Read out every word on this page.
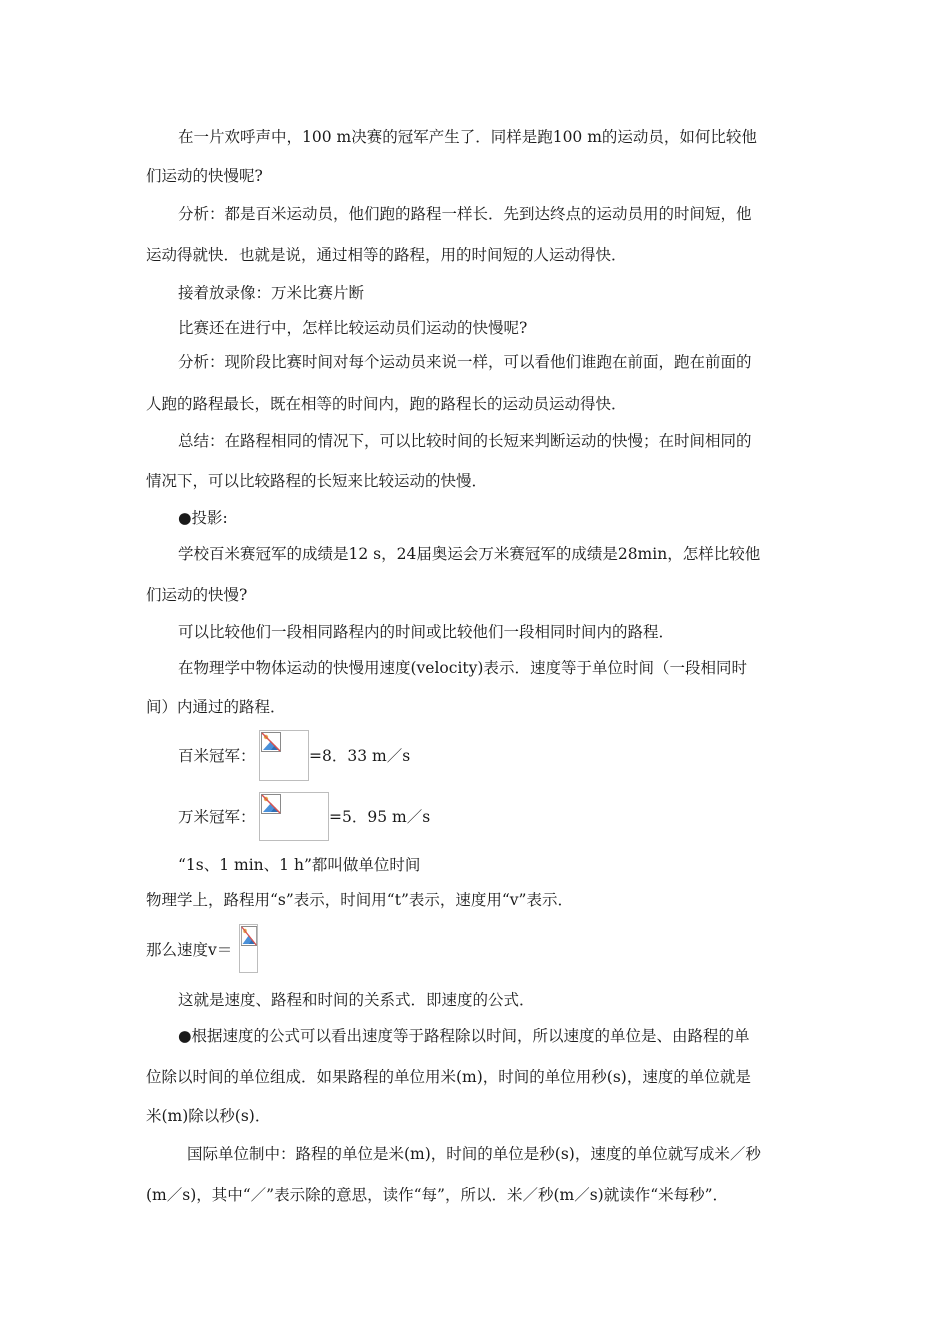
在一片欢呼声中，100 m决赛的冠军产生了．同样是跑100 m的运动员，如何比较他
们运动的快慢呢?
分析：都是百米运动员，他们跑的路程一样长．先到达终点的运动员用的时间短，他
运动得就快．也就是说，通过相等的路程，用的时间短的人运动得快．
接着放录像：万米比赛片断
比赛还在进行中，怎样比较运动员们运动的快慢呢?
分析：现阶段比赛时间对每个运动员来说一样，可以看他们谁跑在前面，跑在前面的
人跑的路程最长，既在相等的时间内，跑的路程长的运动员运动得快．
总结：在路程相同的情况下，可以比较时间的长短来判断运动的快慢；在时间相同的
情况下，可以比较路程的长短来比较运动的快慢．
●投影:
学校百米赛冠军的成绩是12 s，24届奥运会万米赛冠军的成绩是28min，怎样比较他
们运动的快慢?
可以比较他们一段相同路程内的时间或比较他们一段相同时间内的路程．
在物理学中物体运动的快慢用速度(velocity)表示．速度等于单位时间（一段相同时
间）内通过的路程．
百米冠军：	=8．33 m／s
万米冠军：	=5．95 m／s
“1s、1 min、1 h”都叫做单位时间
物理学上，路程用“s”表示，时间用“t”表示，速度用“v”表示．
那么速度v＝
这就是速度、路程和时间的关系式．即速度的公式．
●根据速度的公式可以看出速度等于路程除以时间，所以速度的单位是、由路程的单
位除以时间的单位组成．如果路程的单位用米(m)，时间的单位用秒(s)，速度的单位就是
米(m)除以秒(s)．
国际单位制中：路程的单位是米(m)，时间的单位是秒(s)，速度的单位就写成米／秒
(m／s)，其中“／”表示除的意思，读作“每”，所以．米／秒(m／s)就读作“米每秒”．
